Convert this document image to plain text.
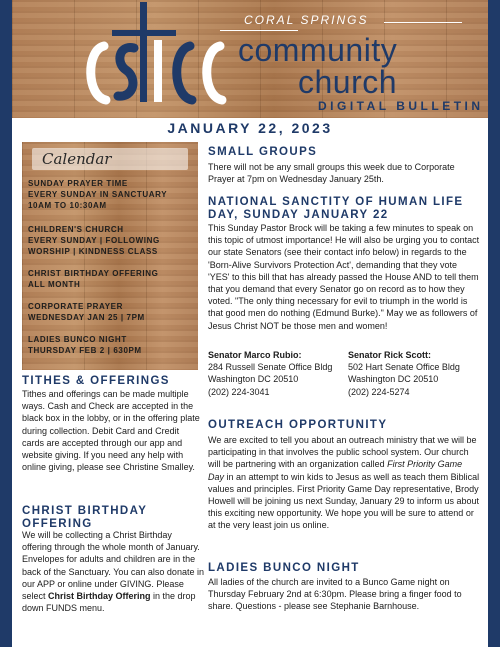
CORAL SPRINGS
community
church
DIGITAL BULLETIN
JANUARY 22, 2023
Calendar
SUNDAY PRAYER TIME
EVERY SUNDAY IN SANCTUARY
10AM TO 10:30AM
CHILDREN'S CHURCH
EVERY SUNDAY | FOLLOWING
WORSHIP | KINDNESS CLASS
CHRIST BIRTHDAY OFFERING
ALL MONTH
CORPORATE PRAYER
WEDNESDAY JAN 25 | 7PM
LADIES BUNCO NIGHT
THURSDAY FEB 2 | 630PM
TITHES & OFFERINGS
Tithes and offerings can be made multiple ways. Cash and Check are accepted in the black box in the lobby, or in the offering plate during collection. Debit Card and Credit cards are accepted through our app and website giving. If you need any help with online giving, please see Christine Smalley.
CHRIST BIRTHDAY OFFERING
We will be collecting a Christ Birthday offering through the whole month of January. Envelopes for adults and children are in the back of the Sanctuary. You can also donate in our APP or online under GIVING. Please select Christ Birthday Offering in the drop down FUNDS menu.
SMALL GROUPS
There will not be any small groups this week due to Corporate Prayer at 7pm on Wednesday January 25th.
NATIONAL SANCTITY OF HUMAN LIFE DAY, SUNDAY JANUARY 22
This Sunday Pastor Brock will be taking a few minutes to speak on this topic of utmost importance! He will also be urging you to contact our state Senators (see their contact info below) in regards to the 'Born-Alive Survivors Protection Act', demanding that they vote 'YES' to this bill that has already passed the House AND to tell them that you demand that every Senator go on record as to how they voted. "The only thing necessary for evil to triumph in the world is that good men do nothing (Edmund Burke)." May we as followers of Jesus Christ NOT be those men and women!
Senator Marco Rubio:
284 Russell Senate Office Bldg
Washington DC 20510
(202) 224-3041
Senator Rick Scott:
502 Hart Senate Office Bldg
Washington DC 20510
(202) 224-5274
OUTREACH OPPORTUNITY
We are excited to tell you about an outreach ministry that we will be participating in that involves the public school system. Our church will be partnering with an organization called First Priority Game Day in an attempt to win kids to Jesus as well as teach them Biblical values and principles. First Priority Game Day representative, Brody Howell will be joining us next Sunday, January 29 to inform us about this exciting new opportunity. We hope you will be sure to attend or at the very least join us online.
LADIES BUNCO NIGHT
All ladies of the church are invited to a Bunco Game night on Thursday February 2nd at 6:30pm. Please bring a finger food to share. Questions - please see Stephanie Barnhouse.
